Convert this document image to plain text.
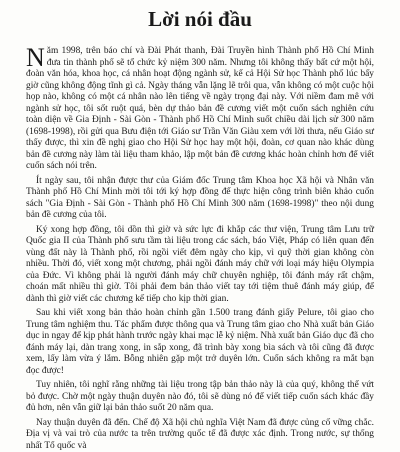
Lời nói đầu

Năm 1998, trên báo chí và Đài Phát thanh, Đài Truyền hình Thành phố Hồ Chí Minh đưa tin thành phố sẽ tổ chức kỷ niệm 300 năm. Nhưng tôi không thấy bất cứ một hội, đoàn văn hóa, khoa học, cá nhân hoạt động ngành sử, kể cả Hội Sử học Thành phố lúc bấy giờ cũng không động tĩnh gì cả. Ngày tháng vẫn lặng lẽ trôi qua, vẫn không có một cuộc hội họp nào, không có một cá nhân nào lên tiếng về ngày trọng đại này. Với niềm đam mê với ngành sử học, tôi sốt ruột quá, bèn dự thảo bản đề cương viết một cuốn sách nghiên cứu toàn diện về Gia Định - Sài Gòn - Thành phố Hồ Chí Minh suốt chiều dài lịch sử 300 năm (1698-1998), rồi gửi qua Bưu điện tới Giáo sư Trần Văn Giàu xem với lời thưa, nếu Giáo sư thấy được, thì xin đề nghị giao cho Hội Sử học hay một hội, đoàn, cơ quan nào khác dùng bản đề cương này làm tài liệu tham khảo, lập một bản đề cương khác hoàn chỉnh hơn để viết cuốn sách nói trên.

Ít ngày sau, tôi nhận được thư của Giám đốc Trung tâm Khoa học Xã hội và Nhân văn Thành phố Hồ Chí Minh mời tôi tới ký hợp đồng để thực hiện công trình biên khảo cuốn sách "Gia Định - Sài Gòn - Thành phố Hồ Chí Minh 300 năm (1698-1998)" theo nội dung bản đề cương của tôi.

Ký xong hợp đồng, tôi dồn thì giờ và sức lực đi khắp các thư viện, Trung tâm Lưu trữ Quốc gia II của Thành phố sưu tầm tài liệu trong các sách, báo Việt, Pháp có liên quan đến vùng đất này là Thành phố, rồi ngồi viết đêm ngày cho kịp, vì quỹ thời gian không còn nhiều. Thời đó, viết xong một chương, phải ngồi đánh máy chữ với loại máy hiệu Olympia của Đức. Vì không phải là người đánh máy chữ chuyên nghiệp, tôi đánh máy rất chậm, choán mất nhiều thì giờ. Tôi phải đem bản thảo viết tay tới tiệm thuê đánh máy giúp, để dành thì giờ viết các chương kế tiếp cho kịp thời gian.

Sau khi viết xong bản thảo hoàn chỉnh gần 1.500 trang đánh giấy Pelure, tôi giao cho Trung tâm nghiệm thu. Tác phẩm được thông qua và Trung tâm giao cho Nhà xuất bản Giáo dục in ngay để kịp phát hành trước ngày khai mạc lễ kỷ niệm. Nhà xuất bản Giáo dục đã cho đánh máy lại, dàn trang xong, in sắp xong, đã trình bày xong bìa sách và tôi cũng đã được xem, lấy làm vừa ý lắm. Bỗng nhiên gặp một trở duyên lớn. Cuốn sách không ra mắt bạn đọc được!

Tuy nhiên, tôi nghĩ rằng những tài liệu trong tập bản thảo này là của quý, không thể vứt bỏ được. Chờ một ngày thuận duyên nào đó, tôi sẽ dùng nó để viết tiếp cuốn sách khác đầy đủ hơn, nên vẫn giữ lại bản thảo suốt 20 năm qua.

Nay thuận duyên đã đến. Chế độ Xã hội chủ nghĩa Việt Nam đã được củng cố vững chắc. Địa vị và vai trò của nước ta trên trường quốc tế đã được xác định. Trong nước, sự thống nhất Tổ quốc và
